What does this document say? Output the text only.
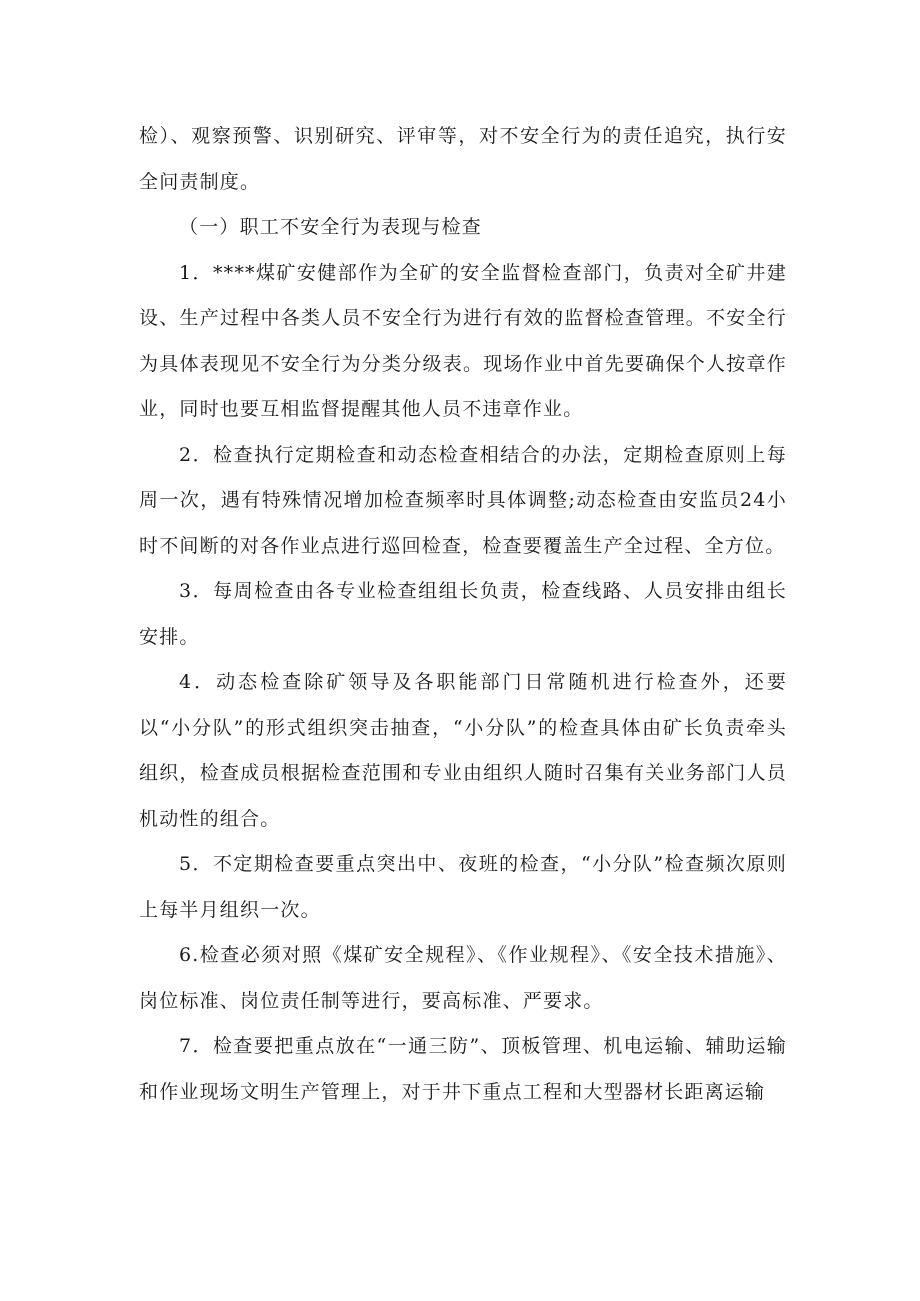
检）、观察预警、识别研究、评审等，对不安全行为的责任追究，执行安全问责制度。

（一）职工不安全行为表现与检查

1．****煤矿安健部作为全矿的安全监督检查部门，负责对全矿井建设、生产过程中各类人员不安全行为进行有效的监督检查管理。不安全行为具体表现见不安全行为分类分级表。现场作业中首先要确保个人按章作业，同时也要互相监督提醒其他人员不违章作业。

2．检查执行定期检查和动态检查相结合的办法，定期检查原则上每周一次，遇有特殊情况增加检查频率时具体调整;动态检查由安监员24小时不间断的对各作业点进行巡回检查，检查要覆盖生产全过程、全方位。

3．每周检查由各专业检查组组长负责，检查线路、人员安排由组长安排。

4．动态检查除矿领导及各职能部门日常随机进行检查外，还要以“小分队”的形式组织突击抽查，“小分队”的检查具体由矿长负责牵头组织，检查成员根据检查范围和专业由组织人随时召集有关业务部门人员机动性的组合。

5．不定期检查要重点突出中、夜班的检查，“小分队”检查频次原则上每半月组织一次。

6.检查必须对照《煤矿安全规程》、《作业规程》、《安全技术措施》、岗位标准、岗位责任制等进行，要高标准、严要求。

7．检查要把重点放在“一通三防”、顶板管理、机电运输、辅助运输和作业现场文明生产管理上，对于井下重点工程和大型器材长距离运输
